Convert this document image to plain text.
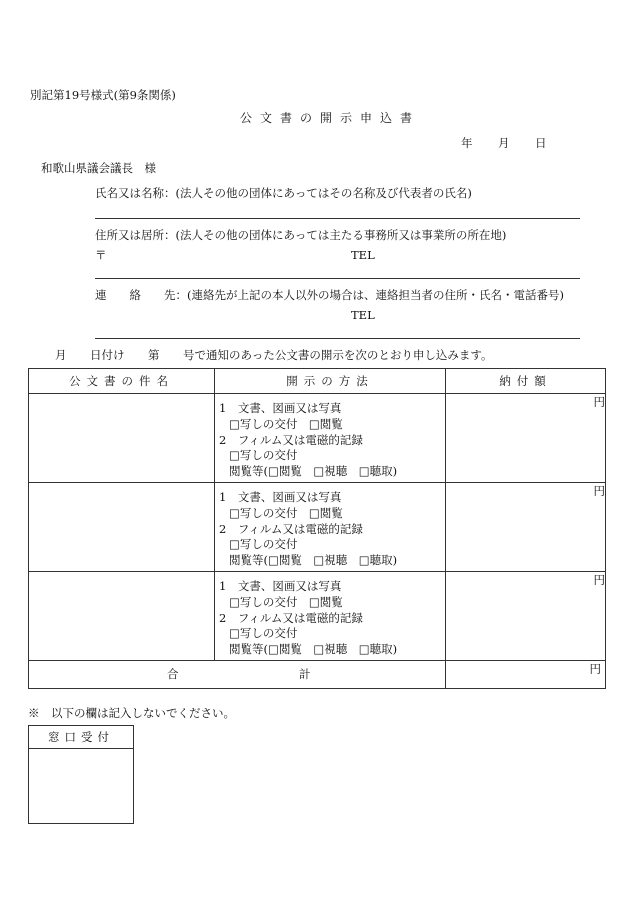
別記第19号様式(第9条関係)
公文書の開示申込書
年 月 日
和歌山県議会議長　様
氏名又は名称：(法人その他の団体にあってはその名称及び代表者の氏名)
住所又は居所：(法人その他の団体にあっては主たる事務所又は事業所の所在地)
〒	TEL
連　　絡　　先：(連絡先が上記の本人以外の場合は、連絡担当者の住所・氏名・電話番号)
TEL
月 日付け 第 号で通知のあった公文書の開示を次のとおり申し込みます。
公文書の件名	開示の方法	納付額

	1　文書、図画又は写真
□写しの交付　□閲覧
2　フィルム又は電磁的記録
□写しの交付
閲覧等(□閲覧　□視聴　□聴取)	円

	1　文書、図画又は写真
□写しの交付　□閲覧
2　フィルム又は電磁的記録
□写しの交付
閲覧等(□閲覧　□視聴　□聴取)	円

	1　文書、図画又は写真
□写しの交付　□閲覧
2　フィルム又は電磁的記録
□写しの交付
閲覧等(□閲覧　□視聴　□聴取)	円

合 計		円
※　以下の欄は記入しないでください。
窓口受付
